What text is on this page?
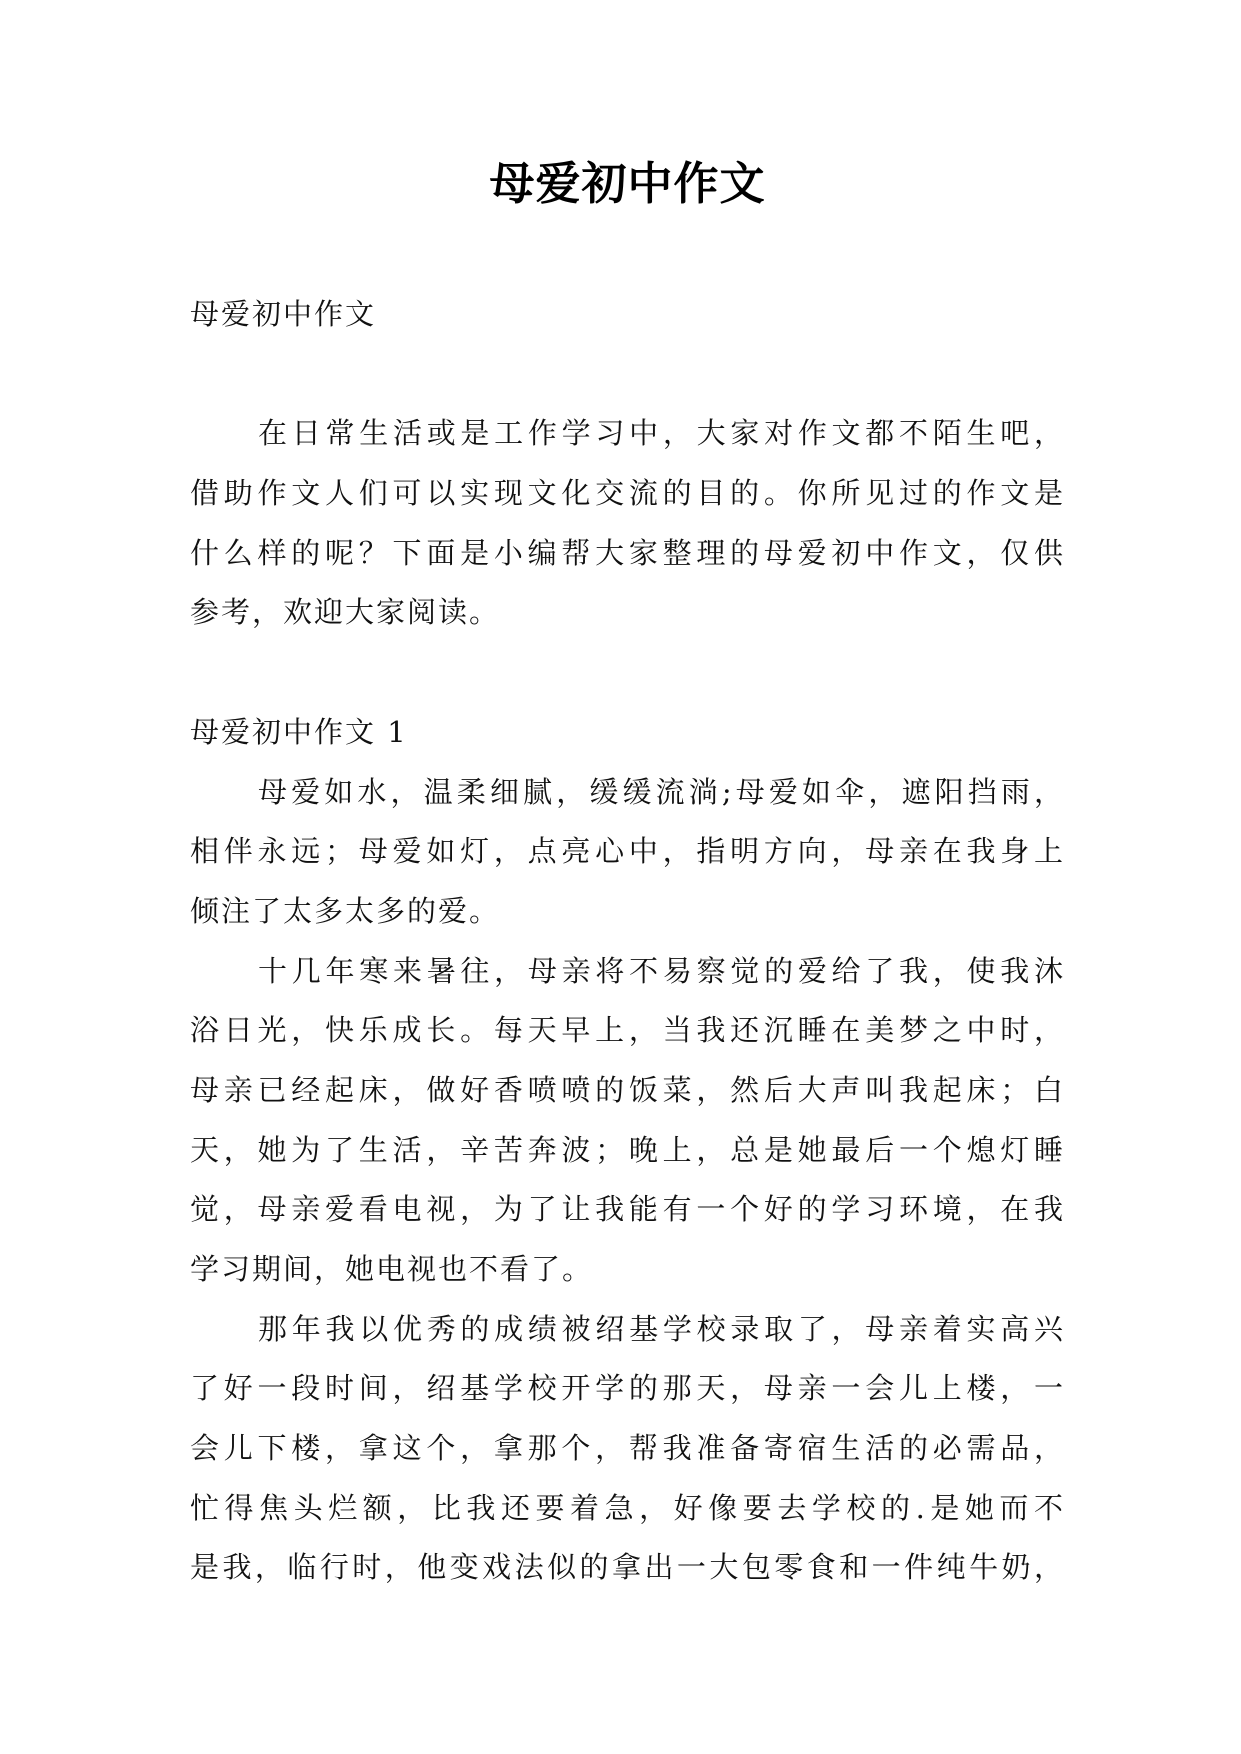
母爱初中作文
母爱初中作文
在日常生活或是工作学习中，大家对作文都不陌生吧，
借助作文人们可以实现文化交流的目的。你所见过的作文是
什么样的呢？下面是小编帮大家整理的母爱初中作文，仅供
参考，欢迎大家阅读。
母爱初中作文 1
母爱如水，温柔细腻，缓缓流淌;母爱如伞，遮阳挡雨，
相伴永远；母爱如灯，点亮心中，指明方向，母亲在我身上
倾注了太多太多的爱。
十几年寒来暑往，母亲将不易察觉的爱给了我，使我沐
浴日光，快乐成长。每天早上，当我还沉睡在美梦之中时，
母亲已经起床，做好香喷喷的饭菜，然后大声叫我起床；白
天，她为了生活，辛苦奔波；晚上，总是她最后一个熄灯睡
觉，母亲爱看电视，为了让我能有一个好的学习环境，在我
学习期间，她电视也不看了。
那年我以优秀的成绩被绍基学校录取了，母亲着实高兴
了好一段时间，绍基学校开学的那天，母亲一会儿上楼，一
会儿下楼，拿这个，拿那个，帮我准备寄宿生活的必需品，
忙得焦头烂额，比我还要着急，好像要去学校的.是她而不
是我，临行时，他变戏法似的拿出一大包零食和一件纯牛奶，
